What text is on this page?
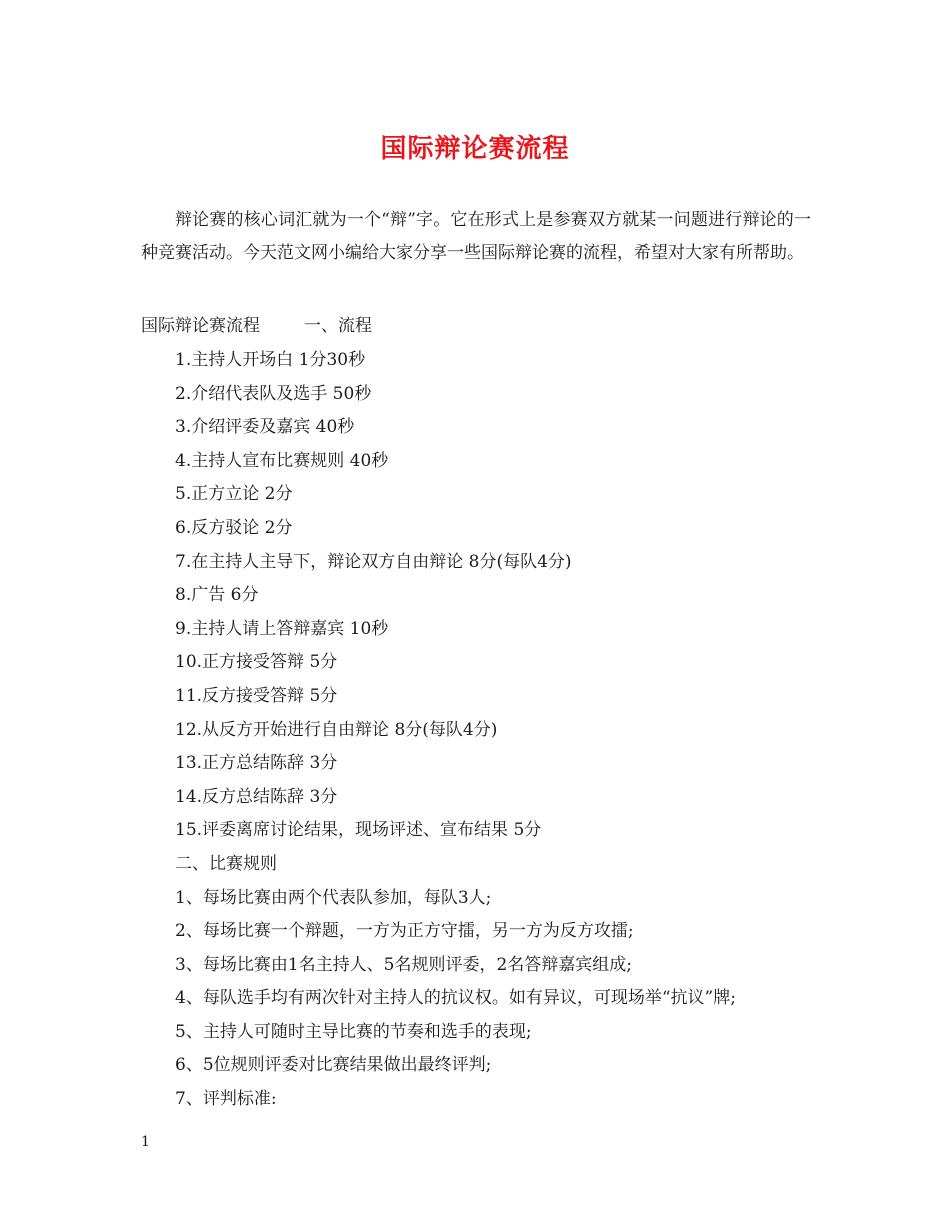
国际辩论赛流程
辩论赛的核心词汇就为一个“辩”字。它在形式上是参赛双方就某一问题进行辩论的一种竞赛活动。今天范文网小编给大家分享一些国际辩论赛的流程，希望对大家有所帮助。
国际辩论赛流程	一、流程
1.主持人开场白 1分30秒
2.介绍代表队及选手 50秒
3.介绍评委及嘉宾 40秒
4.主持人宣布比赛规则 40秒
5.正方立论 2分
6.反方驳论 2分
7.在主持人主导下，辩论双方自由辩论 8分(每队4分)
8.广告 6分
9.主持人请上答辩嘉宾 10秒
10.正方接受答辩 5分
11.反方接受答辩 5分
12.从反方开始进行自由辩论 8分(每队4分)
13.正方总结陈辞 3分
14.反方总结陈辞 3分
15.评委离席讨论结果，现场评述、宣布结果 5分
二、比赛规则
1、每场比赛由两个代表队参加，每队3人;
2、每场比赛一个辩题，一方为正方守擂，另一方为反方攻擂;
3、每场比赛由1名主持人、5名规则评委，2名答辩嘉宾组成;
4、每队选手均有两次针对主持人的抗议权。如有异议，可现场举“抗议”牌;
5、主持人可随时主导比赛的节奏和选手的表现;
6、5位规则评委对比赛结果做出最终评判;
7、评判标准:
1
